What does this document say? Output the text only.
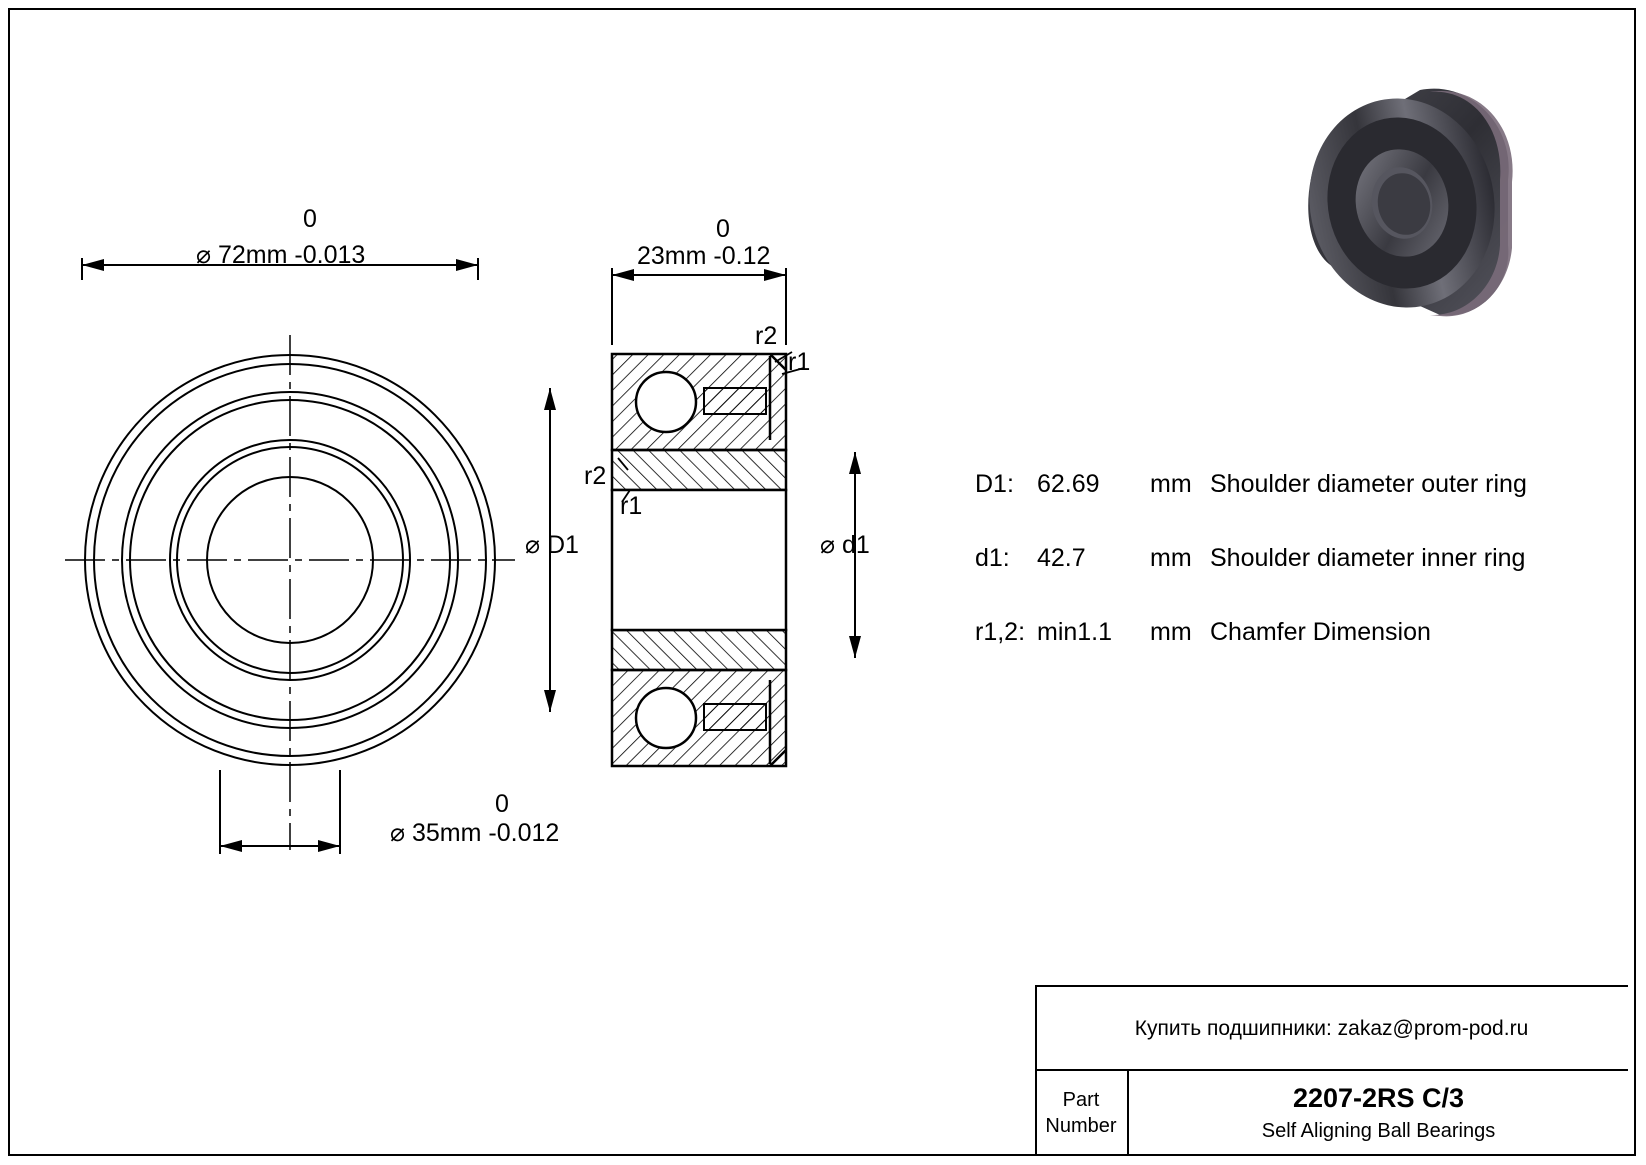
0
⌀ 72mm -0.013
0
⌀ 35mm -0.012
0
23mm -0.12
⌀ D1	⌀ d1
r2
r1
r2
r1
D1: 62.69 mm Shoulder diameter outer ring
d1: 42.7	mm Shoulder diameter inner ring
r1,2: min1.1 mm Chamfer Dimension
Купить подшипники: zakaz@prom-pod.ru
Part
Number
2207-2RS C/3
Self Aligning Ball Bearings
